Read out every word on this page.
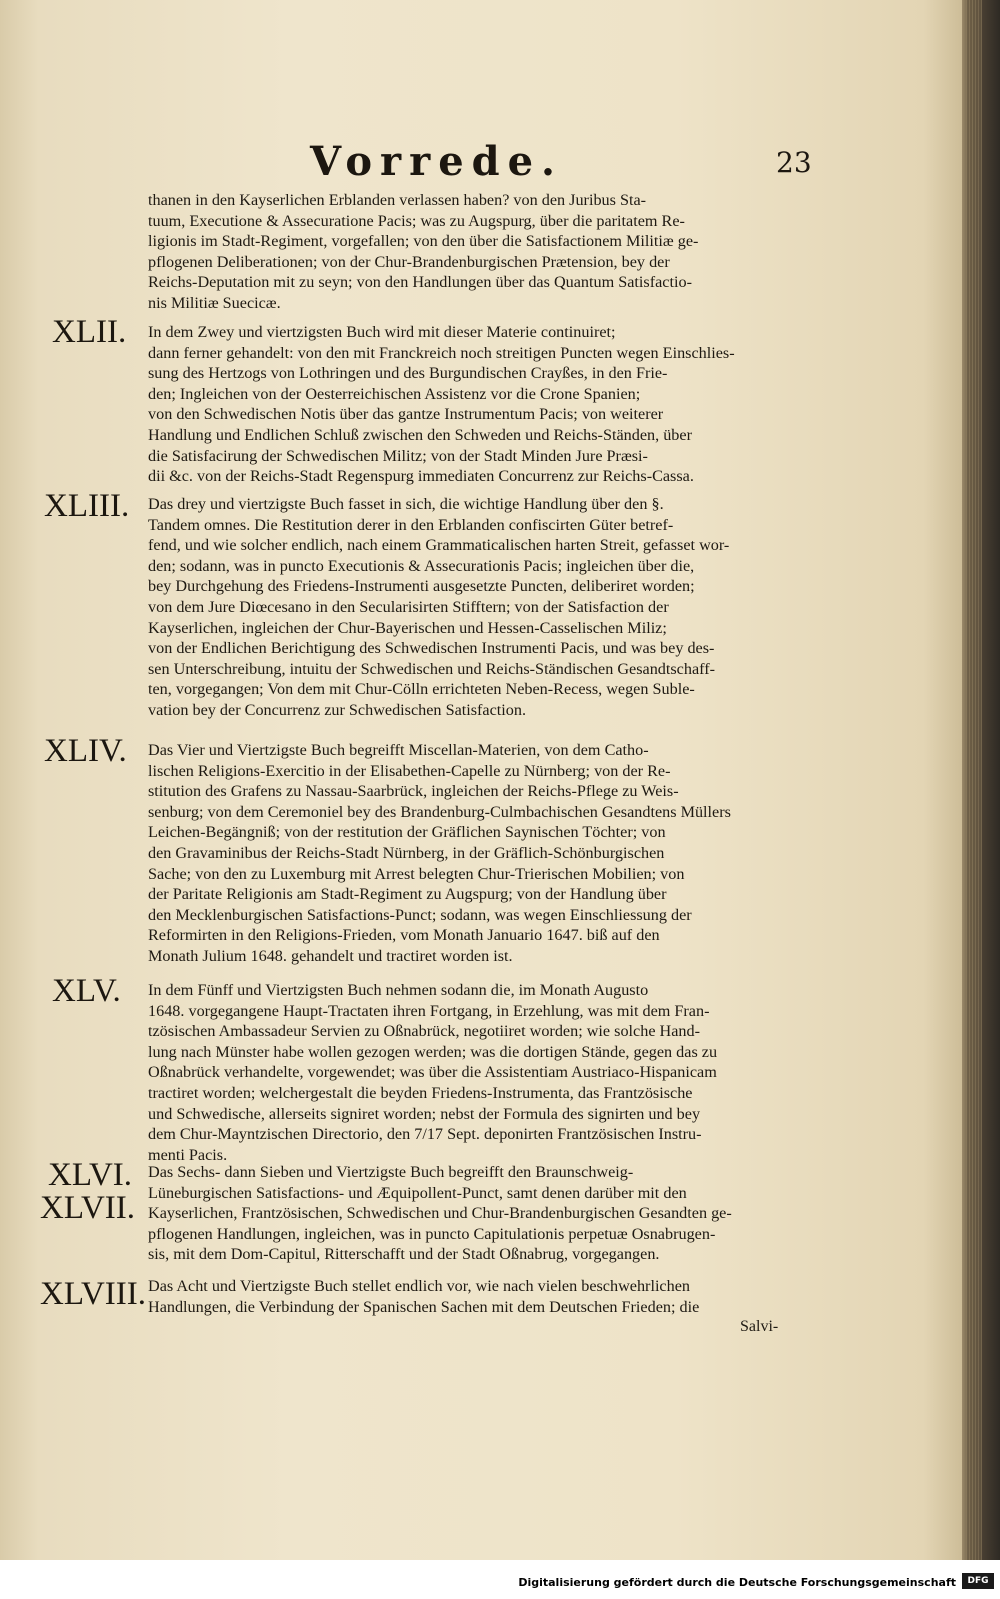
Vorrede.	23

thanen in den Kayserlichen Erblanden verlassen haben? von den Juribus Sta-

tuum, Executione & Assecuratione Pacis; was zu Augspurg, über die paritatem Re-

ligionis im Stadt-Regiment, vorgefallen; von den über die Satisfactionem Militiæ ge-

pflogenen Deliberationen; von der Chur-Brandenburgischen Prætension, bey der

Reichs-Deputation mit zu seyn; von den Handlungen über das Quantum Satisfactio-

nis Militiæ Suecicæ.

XLII. In dem Zwey und viertzigsten Buch wird mit dieser Materie continuiret;

dann ferner gehandelt: von den mit Franckreich noch streitigen Puncten wegen Einschlies-

sung des Hertzogs von Lothringen und des Burgundischen Crayßes, in den Frie-

den; Ingleichen von der Oesterreichischen Assistenz vor die Crone Spanien;

von den Schwedischen Notis über das gantze Instrumentum Pacis; von weiterer

Handlung und Endlichen Schluß zwischen den Schweden und Reichs-Ständen, über

die Satisfacirung der Schwedischen Militz; von der Stadt Minden Jure Præsi-

dii &c. von der Reichs-Stadt Regenspurg immediaten Concurrenz zur Reichs-Cassa.

XLIII. Das drey und viertzigste Buch fasset in sich, die wichtige Handlung über den §.

Tandem omnes. Die Restitution derer in den Erblanden confiscirten Güter betref-

fend, und wie solcher endlich, nach einem Grammaticalischen harten Streit, gefasset wor-

den; sodann, was in puncto Executionis & Assecurationis Pacis; ingleichen über die,

bey Durchgehung des Friedens-Instrumenti ausgesetzte Puncten, deliberiret worden;

von dem Jure Diœcesano in den Secularisirten Stifftern; von der Satisfaction der

Kayserlichen, ingleichen der Chur-Bayerischen und Hessen-Casselischen Miliz;

von der Endlichen Berichtigung des Schwedischen Instrumenti Pacis, und was bey des-

sen Unterschreibung, intuitu der Schwedischen und Reichs-Ständischen Gesandtschaff-

ten, vorgegangen; Von dem mit Chur-Cölln errichteten Neben-Recess, wegen Suble-

vation bey der Concurrenz zur Schwedischen Satisfaction.

XLIV. Das Vier und Viertzigste Buch begreifft Miscellan-Materien, von dem Catho-

lischen Religions-Exercitio in der Elisabethen-Capelle zu Nürnberg; von der Re-

stitution des Grafens zu Nassau-Saarbrück, ingleichen der Reichs-Pflege zu Weis-

senburg; von dem Ceremoniel bey des Brandenburg-Culmbachischen Gesandtens Müllers

Leichen-Begängniß; von der restitution der Gräflichen Saynischen Töchter; von

den Gravaminibus der Reichs-Stadt Nürnberg, in der Gräflich-Schönburgischen

Sache; von den zu Luxemburg mit Arrest belegten Chur-Trierischen Mobilien; von

der Paritate Religionis am Stadt-Regiment zu Augspurg; von der Handlung über

den Mecklenburgischen Satisfactions-Punct; sodann, was wegen Einschliessung der

Reformirten in den Religions-Frieden, vom Monath Januario 1647. biß auf den

Monath Julium 1648. gehandelt und tractiret worden ist.

XLV. In dem Fünff und Viertzigsten Buch nehmen sodann die, im Monath Augusto

1648. vorgegangene Haupt-Tractaten ihren Fortgang, in Erzehlung, was mit dem Fran-

tzösischen Ambassadeur Servien zu Oßnabrück, negotiiret worden; wie solche Hand-

lung nach Münster habe wollen gezogen werden; was die dortigen Stände, gegen das zu

Oßnabrück verhandelte, vorgewendet; was über die Assistentiam Austriaco-Hispanicam

tractiret worden; welchergestalt die beyden Friedens-Instrumenta, das Frantzösische

und Schwedische, allerseits signiret worden; nebst der Formula des signirten und bey

dem Chur-Mayntzischen Directorio, den 7/17 Sept. deponirten Frantzösischen Instru-

menti Pacis.

XLVI.
XLVII.

Das Sechs- dann Sieben und Viertzigste Buch begreifft den Braunschweig-

Lüneburgischen Satisfactions- und Æquipollent-Punct, samt denen darüber mit den

Kayserlichen, Frantzösischen, Schwedischen und Chur-Brandenburgischen Gesandten ge-

pflogenen Handlungen, ingleichen, was in puncto Capitulationis perpetuæ Osnabrugen-

sis, mit dem Dom-Capitul, Ritterschafft und der Stadt Oßnabrug, vorgegangen.

XLVIII. Das Acht und Viertzigste Buch stellet endlich vor, wie nach vielen beschwehrlichen

Handlungen, die Verbindung der Spanischen Sachen mit dem Deutschen Frieden; die

Salvi-
Digitalisierung gefördert durch die Deutsche Forschungsgemeinschaft	DFG
